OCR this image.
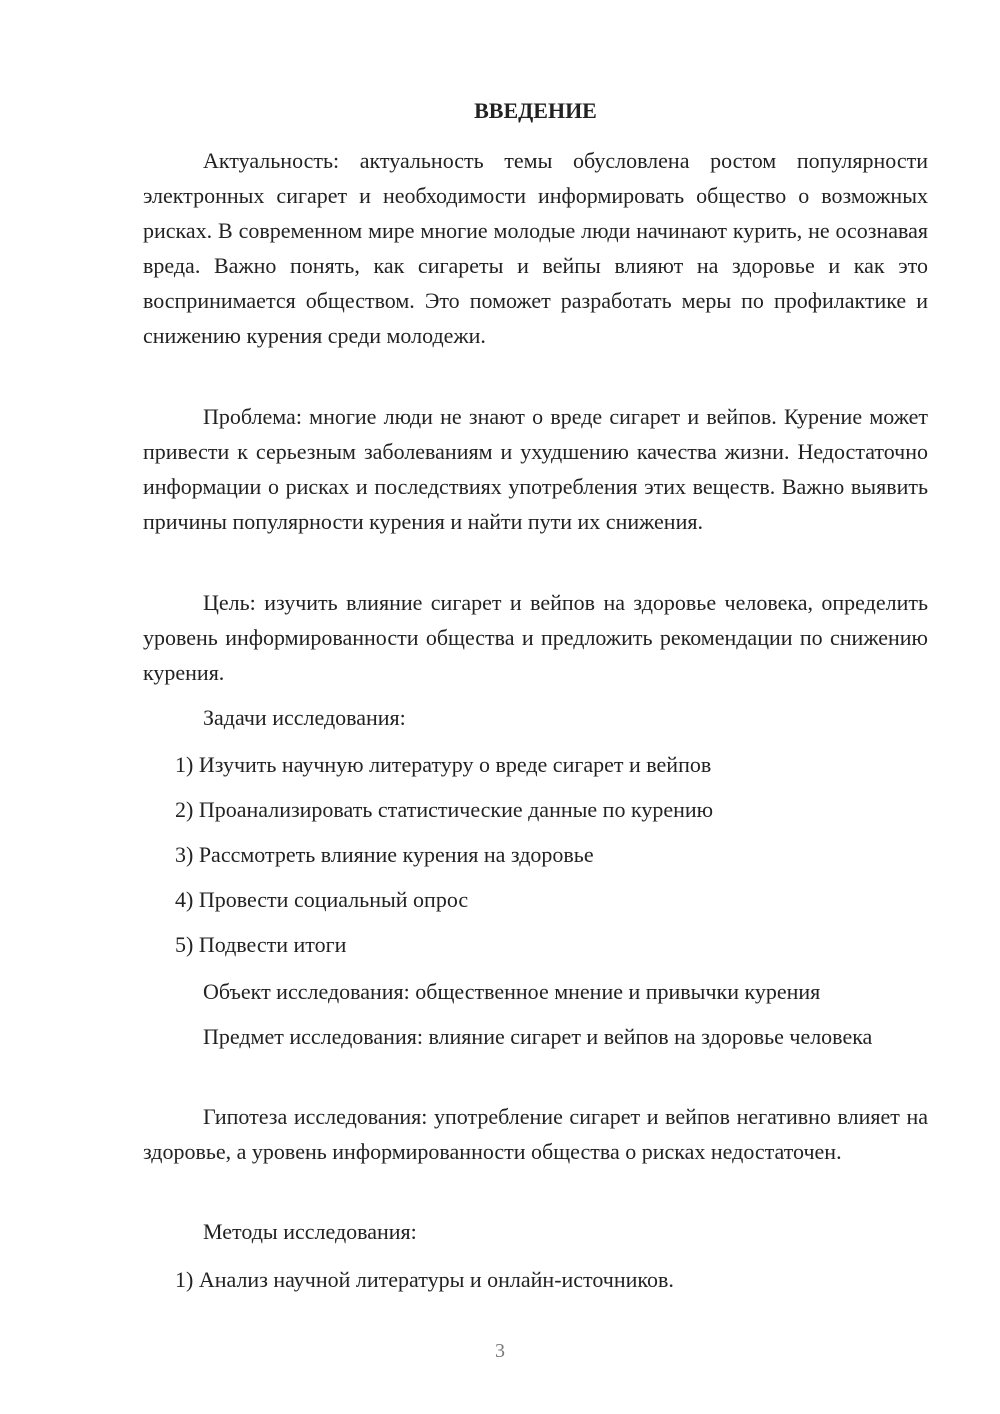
ВВЕДЕНИЕ

Актуальность: актуальность темы обусловлена ростом популярности электронных сигарет и необходимости информировать общество о возможных рисках. В современном мире многие молодые люди начинают курить, не осознавая вреда. Важно понять, как сигареты и вейпы влияют на здоровье и как это воспринимается обществом. Это поможет разработать меры по профилактике и снижению курения среди молодежи.

Проблема: многие люди не знают о вреде сигарет и вейпов. Курение может привести к серьезным заболеваниям и ухудшению качества жизни. Недостаточно информации о рисках и последствиях употребления этих веществ. Важно выявить причины популярности курения и найти пути их снижения.

Цель: изучить влияние сигарет и вейпов на здоровье человека, определить уровень информированности общества и предложить рекомендации по снижению курения.

Задачи исследования:

1) Изучить научную литературу о вреде сигарет и вейпов

2) Проанализировать статистические данные по курению

3) Рассмотреть влияние курения на здоровье

4) Провести социальный опрос

5) Подвести итоги

Объект исследования: общественное мнение и привычки курения

Предмет исследования: влияние сигарет и вейпов на здоровье человека

Гипотеза исследования: употребление сигарет и вейпов негативно влияет на здоровье, а уровень информированности общества о рисках недостаточен.

Методы исследования:

1) Анализ научной литературы и онлайн-источников.

3
